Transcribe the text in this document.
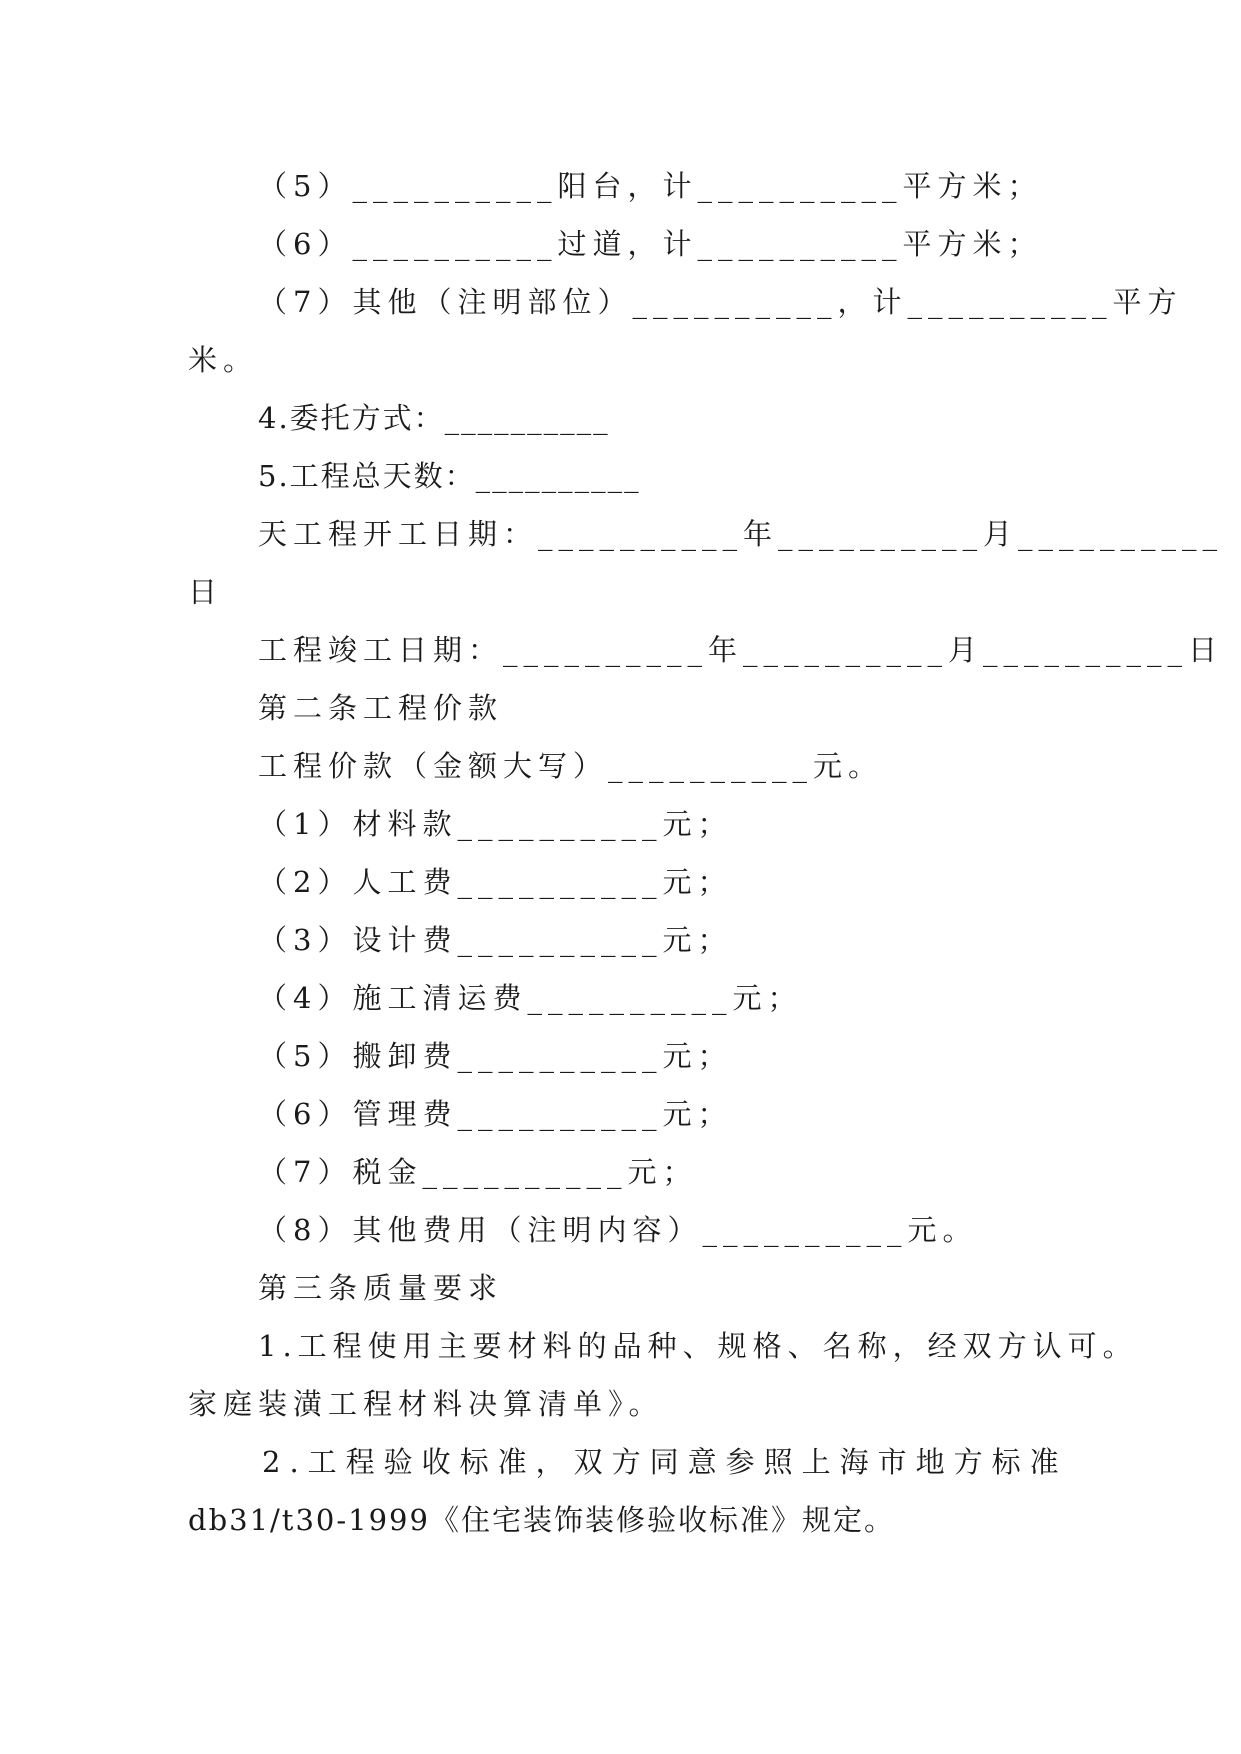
（5）__________阳台，计__________平方米；
（6）__________过道，计__________平方米；
（7）其他（注明部位）__________，计__________平方
米。
4.委托方式：__________
5.工程总天数：__________
天工程开工日期：__________年__________月__________
日
工程竣工日期：__________年__________月__________日
第二条工程价款
工程价款（金额大写）__________元。
（1）材料款__________元；
（2）人工费__________元；
（3）设计费__________元；
（4）施工清运费__________元；
（5）搬卸费__________元；
（6）管理费__________元；
（7）税金__________元；
（8）其他费用（注明内容）__________元。
第三条质量要求
1.工程使用主要材料的品种、规格、名称，经双方认可。
家庭装潢工程材料决算清单》。
2.工程验收标准，双方同意参照上海市地方标准
db31/t30-1999《住宅装饰装修验收标准》规定。
